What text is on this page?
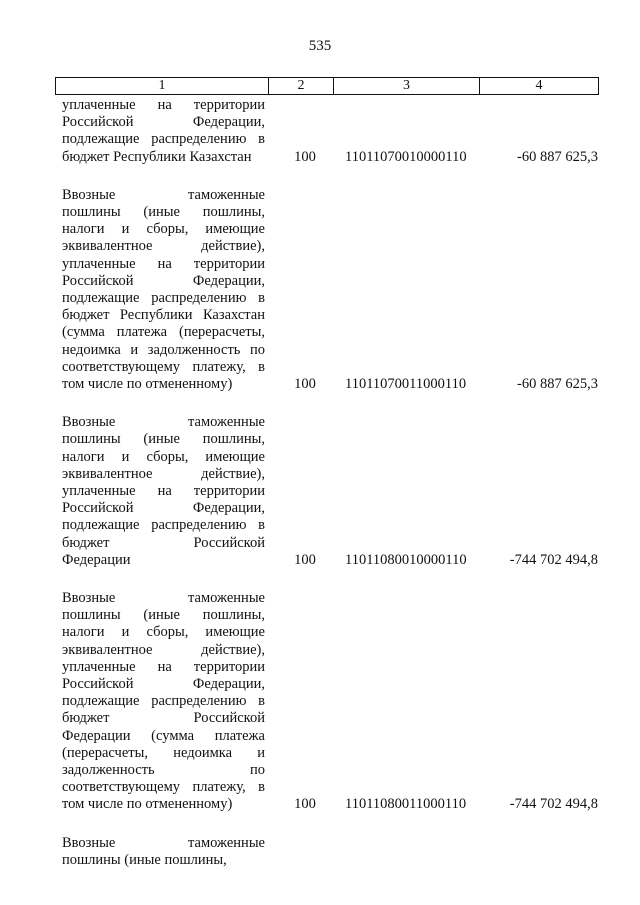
535
1	2	3	4
уплаченные на территории
Российской Федерации,
подлежащие распределению в
бюджет Республики Казахстан	100 11011070010000110	-60 887 625,3
Ввозные таможенные
пошлины (иные пошлины,
налоги и сборы, имеющие
эквивалентное действие),
уплаченные на территории
Российской Федерации,
подлежащие распределению в
бюджет Республики Казахстан
(сумма платежа (перерасчеты,
недоимка и задолженность по
соответствующему платежу, в
том числе по отмененному)	100 11011070011000110	-60 887 625,3
Ввозные таможенные
пошлины (иные пошлины,
налоги и сборы, имеющие
эквивалентное действие),
уплаченные на территории
Российской Федерации,
подлежащие распределению в
бюджет Российской
Федерации	100 11011080010000110	-744 702 494,8
Ввозные таможенные
пошлины (иные пошлины,
налоги и сборы, имеющие
эквивалентное действие),
уплаченные на территории
Российской Федерации,
подлежащие распределению в
бюджет Российской
Федерации (сумма платежа
(перерасчеты, недоимка и
задолженность по
соответствующему платежу, в
том числе по отмененному)	100 11011080011000110	-744 702 494,8
Ввозные таможенные
пошлины (иные пошлины,
